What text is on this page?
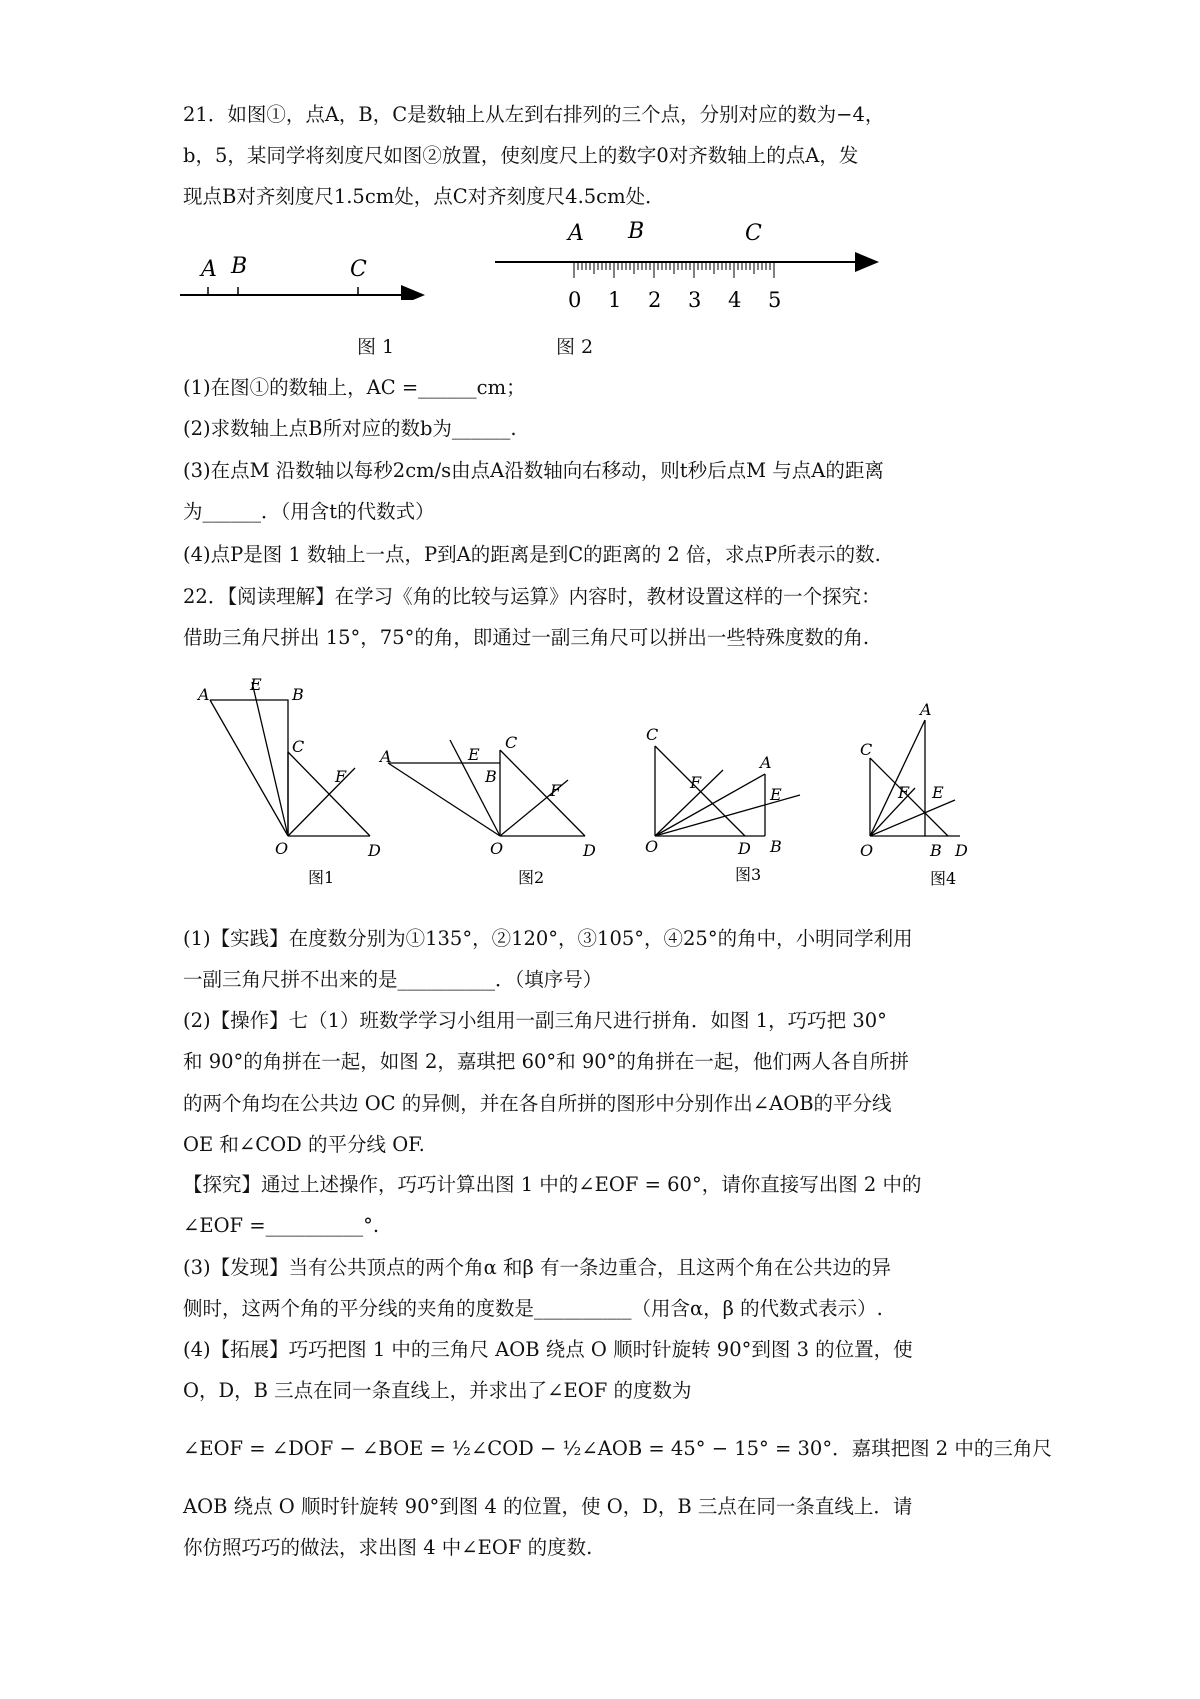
21．如图①，点A，B，C是数轴上从左到右排列的三个点，分别对应的数为−4，
b，5，某同学将刻度尺如图②放置，使刻度尺上的数字0对齐数轴上的点A，发
现点B对齐刻度尺1.5cm处，点C对齐刻度尺4.5cm处．
A B	C
图 1
A B	C
0 1 2 3 4 5
图 2
(1)在图①的数轴上，AC =______cm；
(2)求数轴上点B所对应的数b为______.
(3)在点M 沿数轴以每秒2cm/s由点A沿数轴向右移动，则t秒后点M 与点A的距离
为______．（用含t的代数式）
(4)点P是图 1 数轴上一点，P到A的距离是到C的距离的 2 倍，求点P所表示的数.
22．【阅读理解】在学习《角的比较与运算》内容时，教材设置这样的一个探究：
借助三角尺拼出 15°，75°的角，即通过一副三角尺可以拼出一些特殊度数的角.
A
E
B
C
F
O	D
A	E
C
B
F
O	D
C
A
F
E
O	D B
A
C
F E
O	B D
图1	图2	图3	图4
(1)【实践】在度数分别为①135°，②120°，③105°，④25°的角中，小明同学利用
一副三角尺拼不出来的是__________．（填序号）
(2)【操作】七（1）班数学学习小组用一副三角尺进行拼角．如图 1，巧巧把 30°
和 90°的角拼在一起，如图 2，嘉琪把 60°和 90°的角拼在一起，他们两人各自所拼
的两个角均在公共边 OC 的异侧，并在各自所拼的图形中分别作出∠AOB的平分线
OE 和∠COD 的平分线 OF.
【探究】通过上述操作，巧巧计算出图 1 中的∠EOF = 60°，请你直接写出图 2 中的
∠EOF =__________°.
(3)【发现】当有公共顶点的两个角α 和β 有一条边重合，且这两个角在公共边的异
侧时，这两个角的平分线的夹角的度数是__________（用含α，β 的代数式表示）.
(4)【拓展】巧巧把图 1 中的三角尺 AOB 绕点 O 顺时针旋转 90°到图 3 的位置，使
O，D，B 三点在同一条直线上，并求出了∠EOF 的度数为
∠EOF = ∠DOF − ∠BOE = ½∠COD − ½∠AOB = 45° − 15° = 30°．嘉琪把图 2 中的三角尺
AOB 绕点 O 顺时针旋转 90°到图 4 的位置，使 O，D，B 三点在同一条直线上．请
你仿照巧巧的做法，求出图 4 中∠EOF 的度数.
